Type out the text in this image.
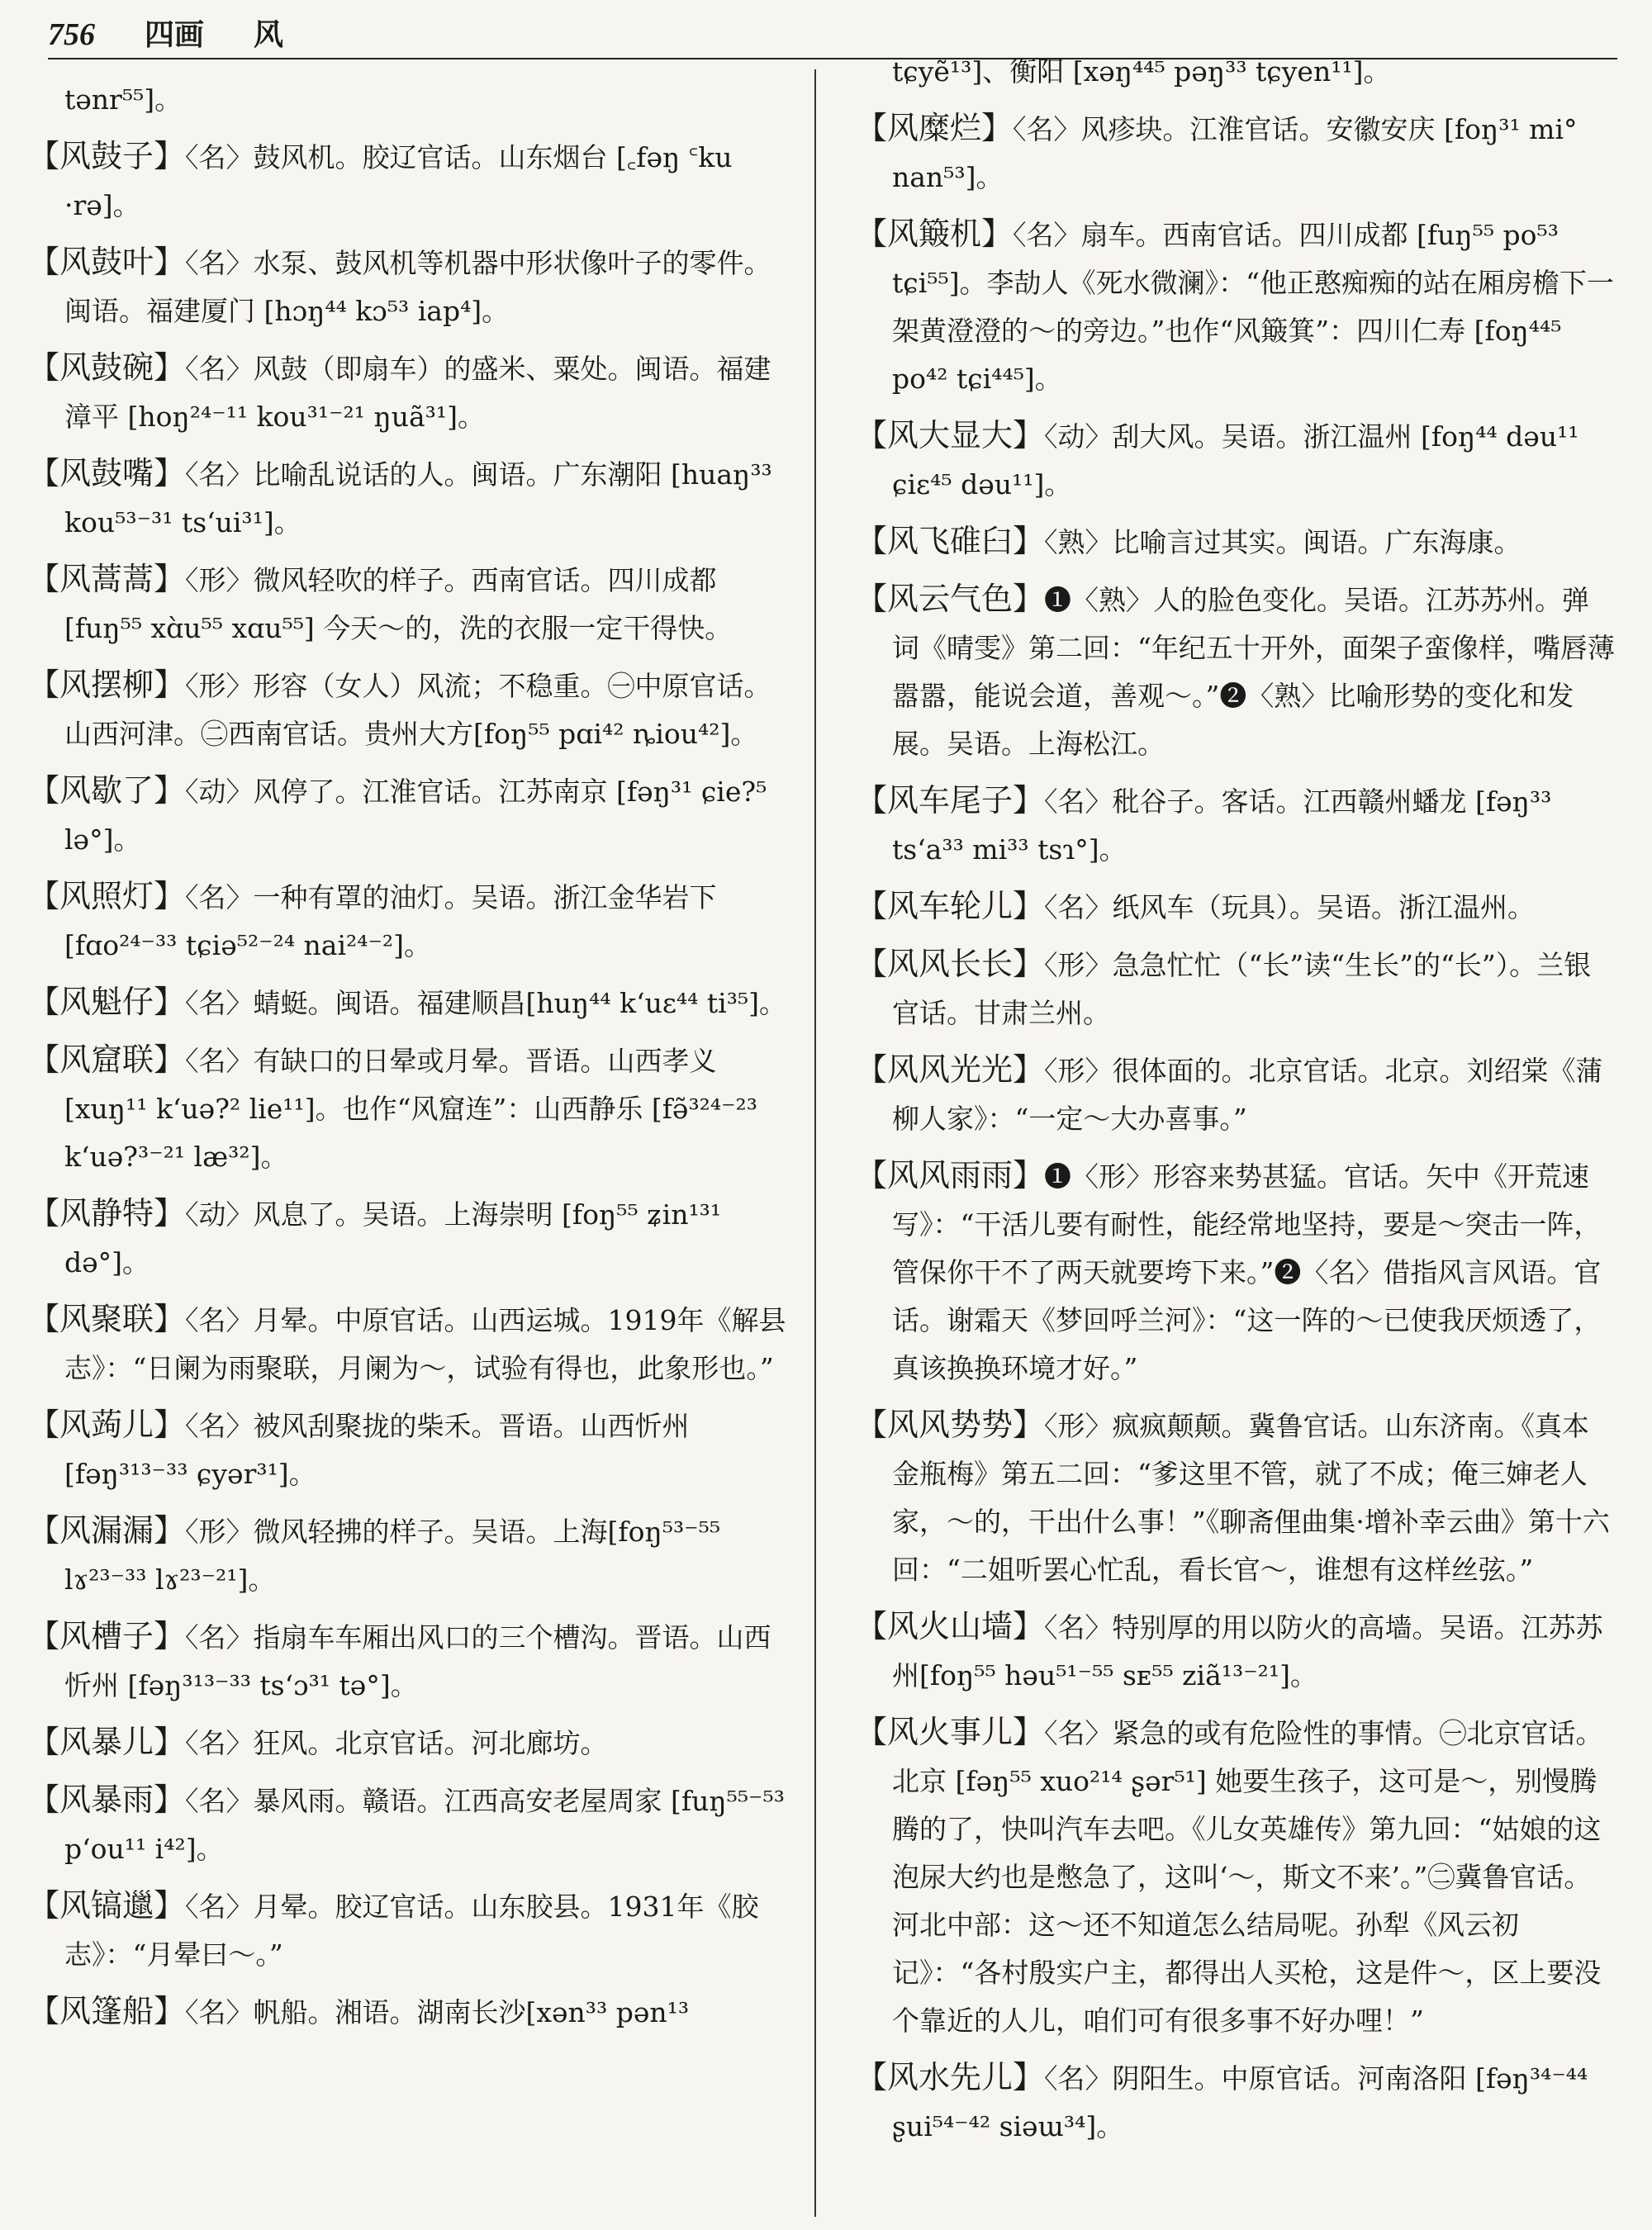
756 四画 风
tənr⁵⁵]。
【风鼓子】〈名〉鼓风机。胶辽官话。山东烟台 [꜀fəŋ ꜂ku ·rə]。
【风鼓叶】〈名〉水泵、鼓风机等机器中形状像叶子的零件。闽语。福建厦门 [hɔŋ⁴⁴ kɔ⁵³ iap⁴]。
【风鼓碗】〈名〉风鼓（即扇车）的盛米、粟处。闽语。福建漳平 [hoŋ²⁴⁻¹¹ kou³¹⁻²¹ ŋuã³¹]。
【风鼓嘴】〈名〉比喻乱说话的人。闽语。广东潮阳 [huaŋ³³ kou⁵³⁻³¹ ts‘ui³¹]。
【风蒿蒿】〈形〉微风轻吹的样子。西南官话。四川成都 [fuŋ⁵⁵ xɑ̀u⁵⁵ xɑu⁵⁵] 今天～的，洗的衣服一定干得快。
【风摆柳】〈形〉形容（女人）风流；不稳重。㊀中原官话。山西河津。㊁西南官话。贵州大方[foŋ⁵⁵ pɑi⁴² ȵiou⁴²]。
【风歇了】〈动〉风停了。江淮官话。江苏南京 [fəŋ³¹ ɕie?⁵ lə°]。
【风照灯】〈名〉一种有罩的油灯。吴语。浙江金华岩下 [fɑo²⁴⁻³³ tɕiə⁵²⁻²⁴ nai²⁴⁻²]。
【风魁仔】〈名〉蜻蜓。闽语。福建顺昌[huŋ⁴⁴ k‘uɛ⁴⁴ ti³⁵]。
【风窟联】〈名〉有缺口的日晕或月晕。晋语。山西孝义 [xuŋ¹¹ k‘uə?² lie¹¹]。也作“风窟连”：山西静乐 [fə̃³²⁴⁻²³ k‘uə?³⁻²¹ læ³²]。
【风静特】〈动〉风息了。吴语。上海崇明 [foŋ⁵⁵ ʑin¹³¹ də°]。
【风聚联】〈名〉月晕。中原官话。山西运城。1919年《解县志》：“日阑为雨聚联，月阑为～，试验有得也，此象形也。”
【风蒟儿】〈名〉被风刮聚拢的柴禾。晋语。山西忻州 [fəŋ³¹³⁻³³ ɕyər³¹]。
【风漏漏】〈形〉微风轻拂的样子。吴语。上海[foŋ⁵³⁻⁵⁵ lɤ²³⁻³³ lɤ²³⁻²¹]。
【风槽子】〈名〉指扇车车厢出风口的三个槽沟。晋语。山西忻州 [fəŋ³¹³⁻³³ ts‘ɔ³¹ tə°]。
【风暴儿】〈名〉狂风。北京官话。河北廊坊。
【风暴雨】〈名〉暴风雨。赣语。江西高安老屋周家 [fuŋ⁵⁵⁻⁵³ p‘ou¹¹ i⁴²]。
【风镐邋】〈名〉月晕。胶辽官话。山东胶县。1931年《胶志》：“月晕曰～。”
【风篷船】〈名〉帆船。湘语。湖南长沙[xən³³ pən¹³
tɕyẽ¹³]、衡阳 [xəŋ⁴⁴⁵ pəŋ³³ tɕyen¹¹]。
【风糜烂】〈名〉风疹块。江淮官话。安徽安庆 [foŋ³¹ mi° nan⁵³]。
【风簸机】〈名〉扇车。西南官话。四川成都 [fuŋ⁵⁵ po⁵³ tɕi⁵⁵]。李劼人《死水微澜》：“他正憨痴痴的站在厢房檐下一架黄澄澄的～的旁边。”也作“风簸箕”：四川仁寿 [foŋ⁴⁴⁵ po⁴² tɕi⁴⁴⁵]。
【风大显大】〈动〉刮大风。吴语。浙江温州 [foŋ⁴⁴ dəu¹¹ ɕiɛ⁴⁵ dəu¹¹]。
【风飞碓臼】〈熟〉比喻言过其实。闽语。广东海康。
【风云气色】❶〈熟〉人的脸色变化。吴语。江苏苏州。弹词《晴雯》第二回：“年纪五十开外，面架子蛮像样，嘴唇薄嚣嚣，能说会道，善观～。”❷〈熟〉比喻形势的变化和发展。吴语。上海松江。
【风车尾子】〈名〉秕谷子。客话。江西赣州蟠龙 [fəŋ³³ ts‘a³³ mi³³ tsɿ°]。
【风车轮儿】〈名〉纸风车（玩具）。吴语。浙江温州。
【风风长长】〈形〉急急忙忙（“长”读“生长”的“长”）。兰银官话。甘肃兰州。
【风风光光】〈形〉很体面的。北京官话。北京。刘绍棠《蒲柳人家》：“一定～大办喜事。”
【风风雨雨】❶〈形〉形容来势甚猛。官话。矢中《开荒速写》：“干活儿要有耐性，能经常地坚持，要是～突击一阵，管保你干不了两天就要垮下来。”❷〈名〉借指风言风语。官话。谢霜天《梦回呼兰河》：“这一阵的～已使我厌烦透了，真该换换环境才好。”
【风风势势】〈形〉疯疯颠颠。冀鲁官话。山东济南。《真本金瓶梅》第五二回：“爹这里不管，就了不成；俺三婶老人家，～的，干出什么事！”《聊斋俚曲集·增补幸云曲》第十六回：“二姐听罢心忙乱，看长官～，谁想有这样丝弦。”
【风火山墙】〈名〉特别厚的用以防火的高墙。吴语。江苏苏州[foŋ⁵⁵ həu⁵¹⁻⁵⁵ sᴇ⁵⁵ ziã¹³⁻²¹]。
【风火事儿】〈名〉紧急的或有危险性的事情。㊀北京官话。北京 [fəŋ⁵⁵ xuo²¹⁴ ʂər⁵¹] 她要生孩子，这可是～，别慢腾腾的了，快叫汽车去吧。《儿女英雄传》第九回：“姑娘的这泡尿大约也是憋急了，这叫‘～，斯文不来’。”㊁冀鲁官话。河北中部：这～还不知道怎么结局呢。孙犁《风云初记》：“各村殷实户主，都得出人买枪，这是件～，区上要没个靠近的人儿，咱们可有很多事不好办哩！”
【风水先儿】〈名〉阴阳生。中原官话。河南洛阳 [fəŋ³⁴⁻⁴⁴ ʂui⁵⁴⁻⁴² siəɯ³⁴]。
